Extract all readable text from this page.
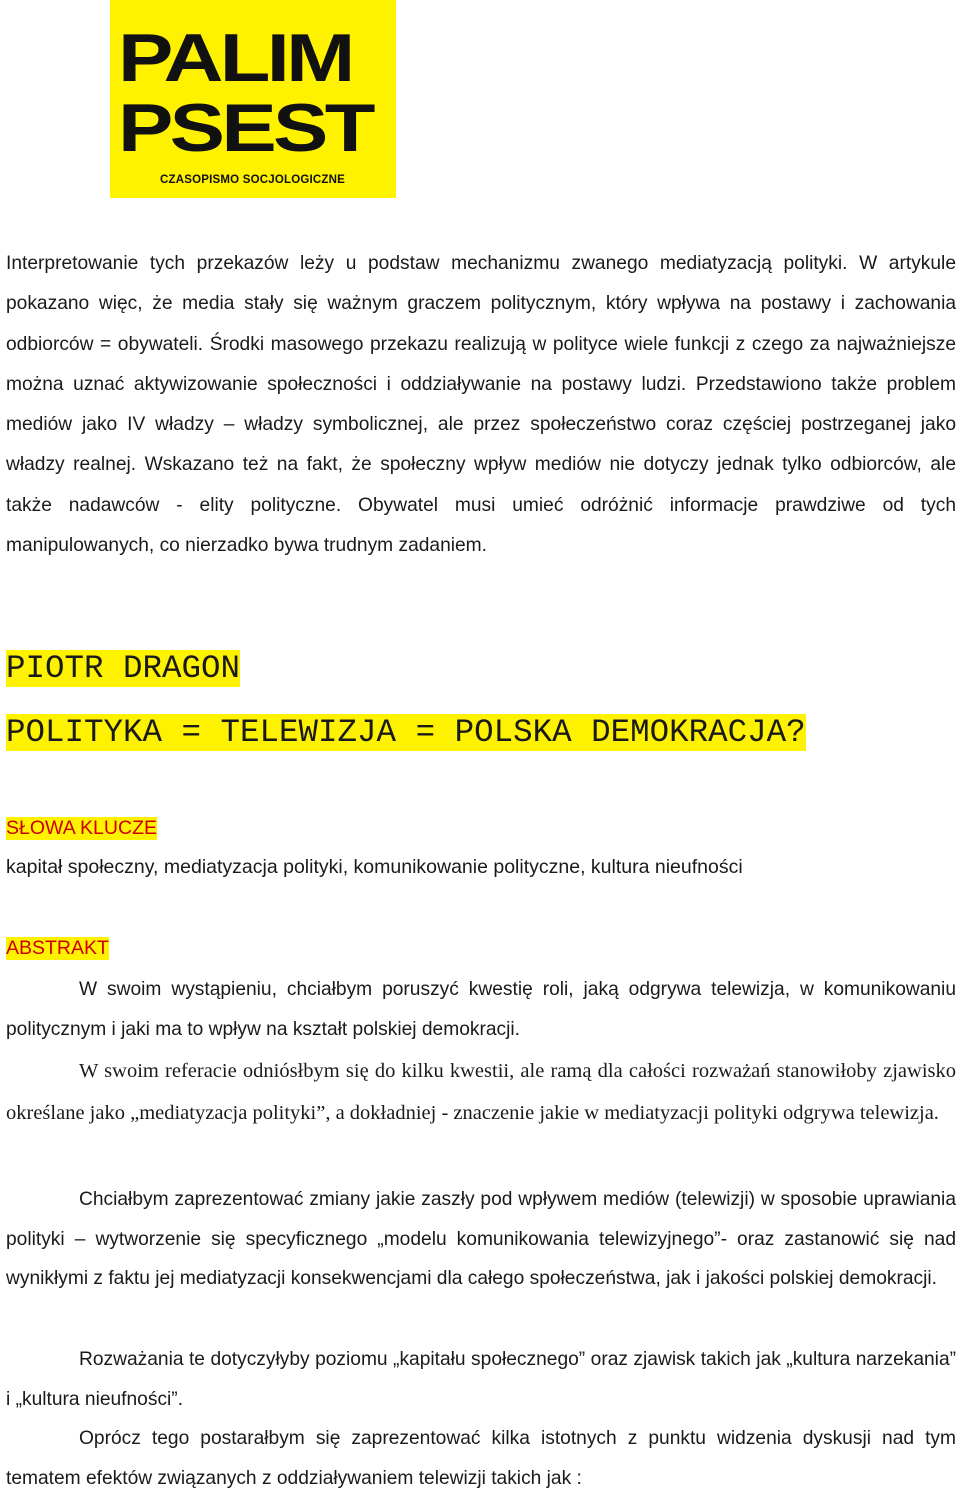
PALIM
PSEST
CZASOPISMO SOCJOLOGICZNE

Interpretowanie tych przekazów leży u podstaw mechanizmu zwanego mediatyzacją polityki. W artykule pokazano więc, że media stały się ważnym graczem politycznym, który wpływa na postawy i zachowania odbiorców = obywateli. Środki masowego przekazu realizują w polityce wiele funkcji z czego za najważniejsze można uznać aktywizowanie społeczności i oddziaływanie na postawy ludzi. Przedstawiono także problem mediów jako IV władzy – władzy symbolicznej, ale przez społeczeństwo coraz częściej postrzeganej jako władzy realnej. Wskazano też na fakt, że społeczny wpływ mediów nie dotyczy jednak tylko odbiorców, ale także nadawców - elity polityczne. Obywatel musi umieć odróżnić informacje prawdziwe od tych manipulowanych, co nierzadko bywa trudnym zadaniem.

PIOTR DRAGON
POLITYKA = TELEWIZJA = POLSKA DEMOKRACJA?
SŁOWA KLUCZE
kapitał społeczny, mediatyzacja polityki, komunikowanie polityczne, kultura nieufności
ABSTRAKT

W swoim wystąpieniu, chciałbym poruszyć kwestię roli, jaką odgrywa telewizja, w komunikowaniu politycznym i jaki ma to wpływ na kształt polskiej demokracji.

W swoim referacie odniósłbym się do kilku kwestii, ale ramą dla całości rozważań stanowiłoby zjawisko określane jako „mediatyzacja polityki”, a dokładniej - znaczenie jakie w mediatyzacji polityki odgrywa telewizja.

Chciałbym zaprezentować zmiany jakie zaszły pod wpływem mediów (telewizji) w sposobie uprawiania polityki – wytworzenie się specyficznego „modelu komunikowania telewizyjnego”- oraz zastanowić się nad wynikłymi z faktu jej mediatyzacji konsekwencjami dla całego społeczeństwa, jak i jakości polskiej demokracji.

Rozważania te dotyczyłyby poziomu „kapitału społecznego” oraz zjawisk takich jak „kultura narzekania” i „kultura nieufności”.

Oprócz tego postarałbym się zaprezentować kilka istotnych z punktu widzenia dyskusji nad tym tematem efektów związanych z oddziaływaniem telewizji takich jak :
